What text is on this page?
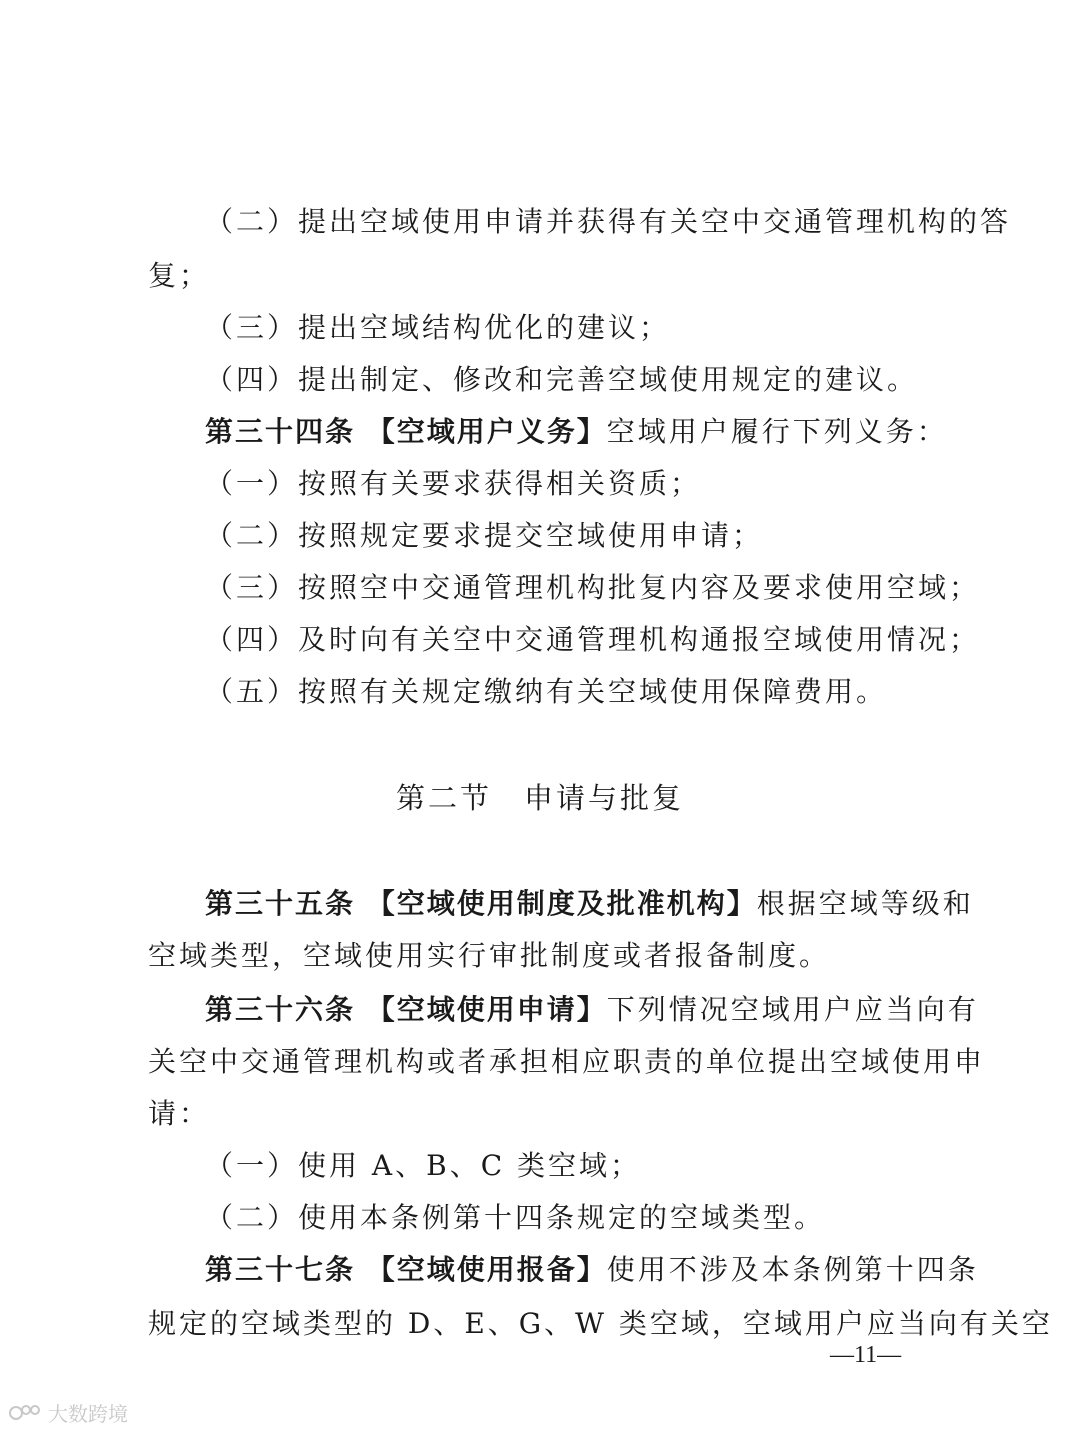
（二）提出空域使用申请并获得有关空中交通管理机构的答
复；
（三）提出空域结构优化的建议；
（四）提出制定、修改和完善空域使用规定的建议。
第三十四条 【空域用户义务】空域用户履行下列义务：
（一）按照有关要求获得相关资质；
（二）按照规定要求提交空域使用申请；
（三）按照空中交通管理机构批复内容及要求使用空域；
（四）及时向有关空中交通管理机构通报空域使用情况；
（五）按照有关规定缴纳有关空域使用保障费用。
第二节　申请与批复
第三十五条 【空域使用制度及批准机构】根据空域等级和
空域类型，空域使用实行审批制度或者报备制度。
第三十六条 【空域使用申请】下列情况空域用户应当向有
关空中交通管理机构或者承担相应职责的单位提出空域使用申
请：
（一）使用 A、B、C 类空域；
（二）使用本条例第十四条规定的空域类型。
第三十七条 【空域使用报备】使用不涉及本条例第十四条
规定的空域类型的 D、E、G、W 类空域，空域用户应当向有关空
—11—
大数跨境
